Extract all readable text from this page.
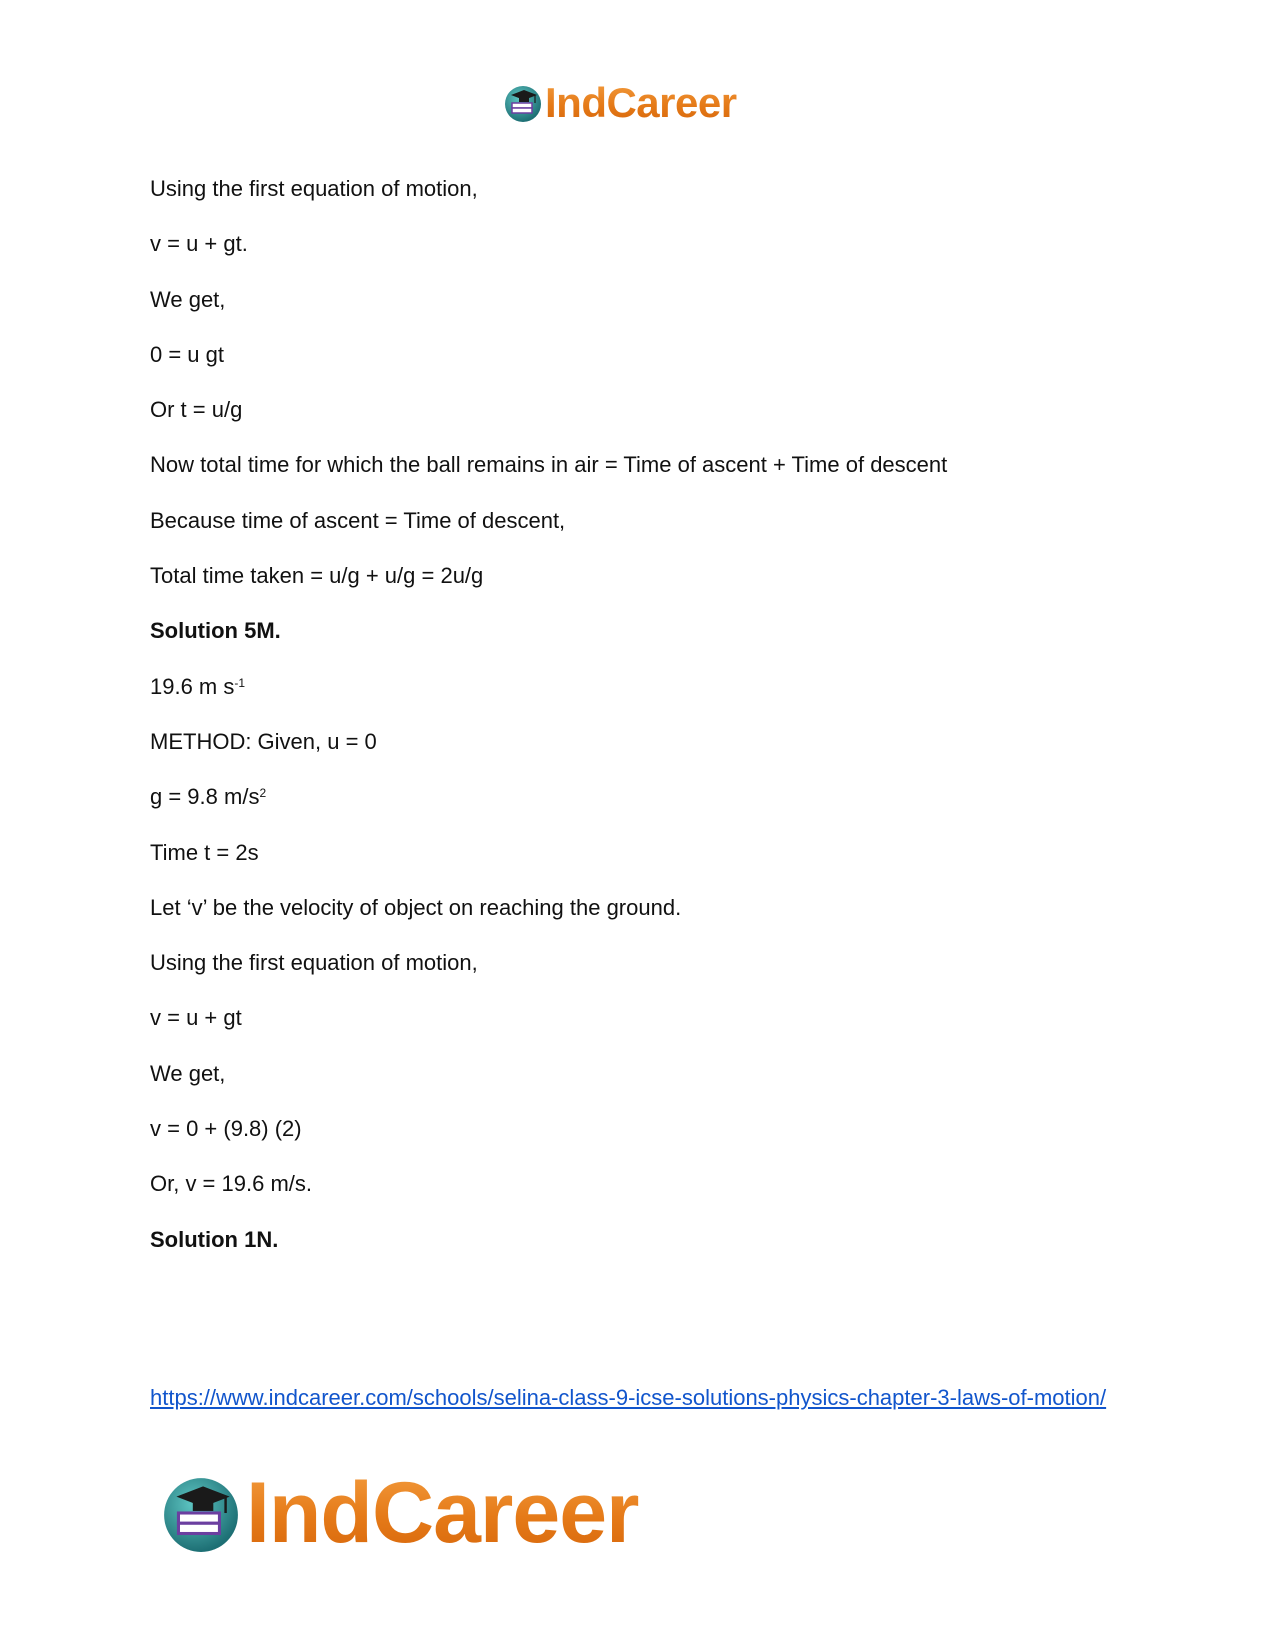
IndCareer
Using the first equation of motion,
v = u + gt.
We get,
0 = u gt
Or t = u/g
Now total time for which the ball remains in air = Time of ascent + Time of descent
Because time of ascent = Time of descent,
Total time taken = u/g + u/g = 2u/g
Solution 5M.
19.6 m $s^{-1}$
METHOD: Given, u = 0
g = 9.8 $m/s^2$
Time t = 2s
Let ‘v’ be the velocity of object on reaching the ground.
Using the first equation of motion,
v = u + gt
We get,
v = 0 + (9.8) (2)
Or, v = 19.6 m/s.
Solution 1N.
https://www.indcareer.com/schools/selina-class-9-icse-solutions-physics-chapter-3-laws-of-motion/
IndCareer
